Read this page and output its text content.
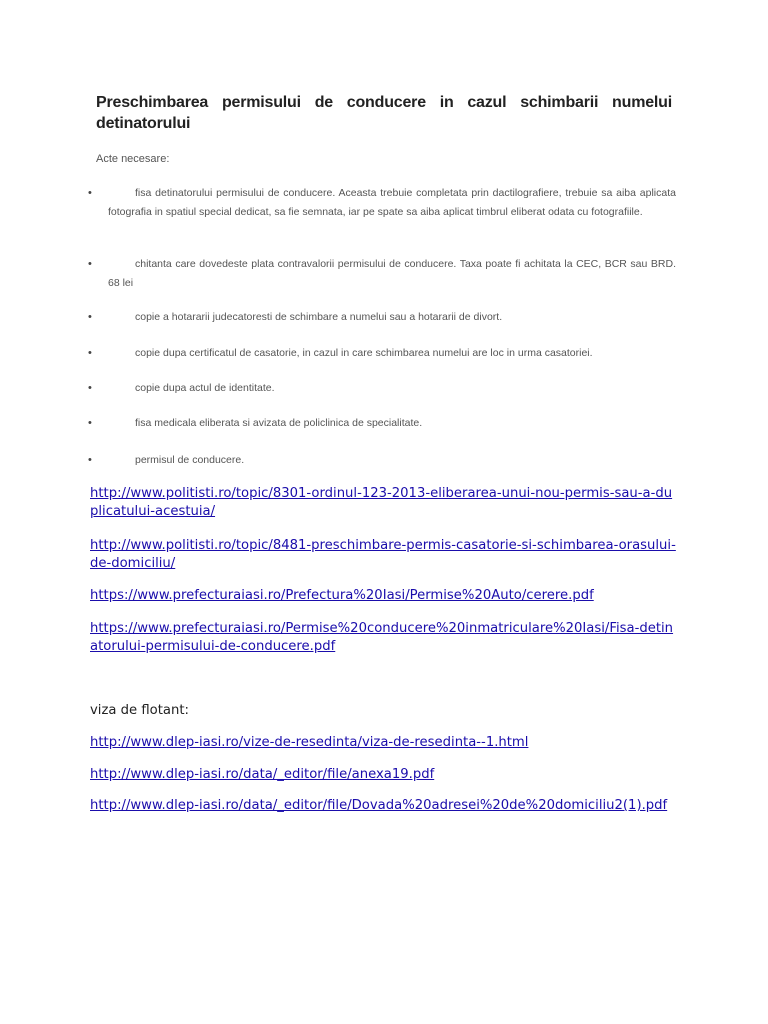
Preschimbarea permisului de conducere in cazul schimbarii numelui detinatorului
Acte necesare:
•	fisa detinatorului permisului de conducere. Aceasta trebuie completata prin dactilografiere, trebuie sa aiba aplicata fotografia in spatiul special dedicat, sa fie semnata, iar pe spate sa aiba aplicat timbrul eliberat odata cu fotografiile.
•	chitanta care dovedeste plata contravalorii permisului de conducere. Taxa poate fi achitata la CEC, BCR sau BRD. 68 lei
•	copie a hotararii judecatoresti de schimbare a numelui sau a hotararii de divort.
•	copie dupa certificatul de casatorie, in cazul in care schimbarea numelui are loc in urma casatoriei.
•	copie dupa actul de identitate.
•	fisa medicala eliberata si avizata de policlinica de specialitate.
•	permisul de conducere.
http://www.politisti.ro/topic/8301-ordinul-123-2013-eliberarea-unui-nou-permis-sau-a-duplicatului-acestuia/
http://www.politisti.ro/topic/8481-preschimbare-permis-casatorie-si-schimbarea-orasului-de-domiciliu/
https://www.prefecturaiasi.ro/Prefectura%20Iasi/Permise%20Auto/cerere.pdf
https://www.prefecturaiasi.ro/Permise%20conducere%20inmatriculare%20Iasi/Fisa-detinatorului-permisului-de-conducere.pdf
viza de flotant:
http://www.dlep-iasi.ro/vize-de-resedinta/viza-de-resedinta--1.html
http://www.dlep-iasi.ro/data/_editor/file/anexa19.pdf
http://www.dlep-iasi.ro/data/_editor/file/Dovada%20adresei%20de%20domiciliu2(1).pdf
